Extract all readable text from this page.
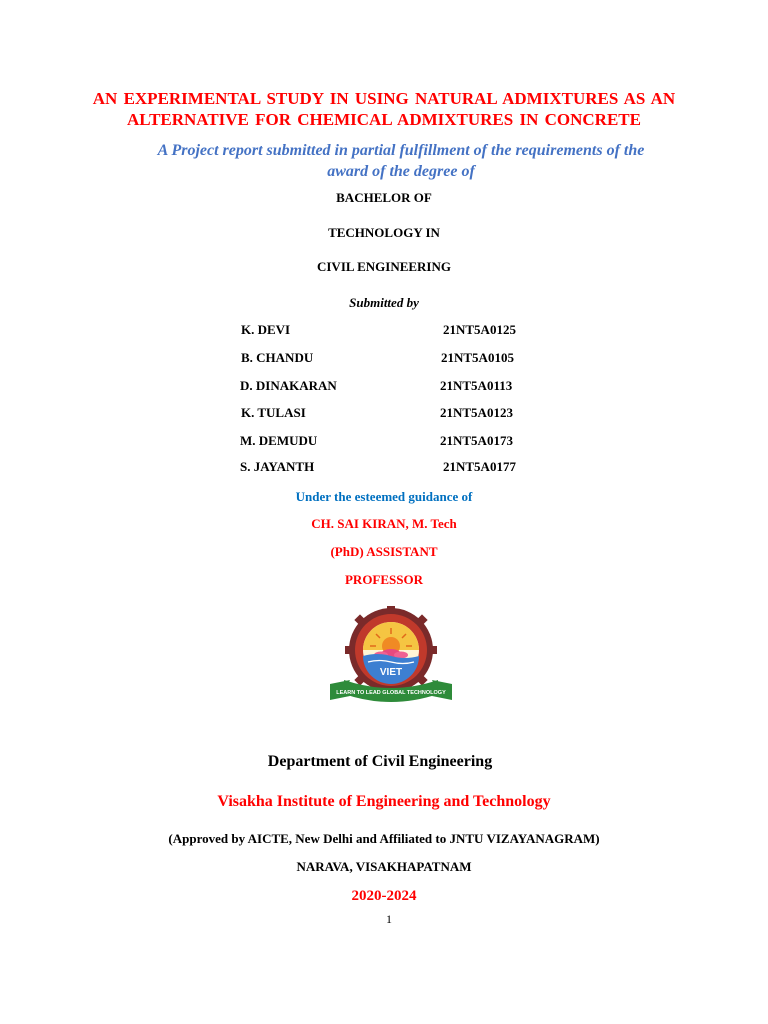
AN EXPERIMENTAL STUDY IN USING NATURAL ADMIXTURES AS AN
ALTERNATIVE FOR CHEMICAL ADMIXTURES IN CONCRETE
A Project report submitted in partial fulfillment of the requirements of the
award of the degree of
BACHELOR OF
TECHNOLOGY IN
CIVIL ENGINEERING
Submitted by
K. DEVI	21NT5A0125
B. CHANDU	21NT5A0105
D. DINAKARAN	21NT5A0113
K. TULASI	21NT5A0123
M. DEMUDU	21NT5A0173
S. JAYANTH	21NT5A0177
Under the esteemed guidance of
CH. SAI KIRAN, M. Tech
(PhD) ASSISTANT
PROFESSOR
VIET
LEARN TO LEAD GLOBAL TECHNOLOGY
Department of Civil Engineering
Visakha Institute of Engineering and Technology
(Approved by AICTE, New Delhi and Affiliated to JNTU VIZAYANAGRAM)
NARAVA, VISAKHAPATNAM
2020-2024
1
